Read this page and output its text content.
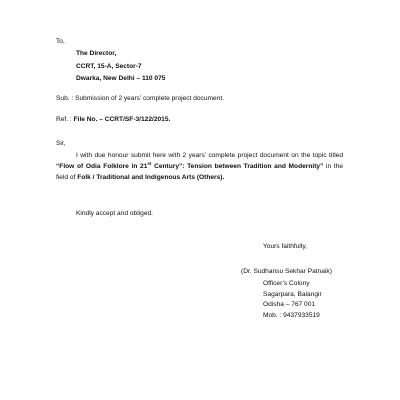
To,
The Director,
CCRT, 15-A, Sector-7
Dwarka, New Delhi – 110 075
Sub. : Submission of 2 years’ complete project document.
Ref. : File No. – CCRT/SF-3/122/2015.
Sir,
I with due honour submit here with 2 years’ complete project document on the topic titled “Flow of Odia Folklore in 21st Century”: Tension between Tradition and Modernity” in the field of Folk / Traditional and Indigenous Arts (Others).
Kindly accept and obliged.
Yours faithfully,
(Dr. Sudhansu Sekhar Patnaik)
Officer’s Colony
Sagarpara, Balangir
Odisha – 767 001
Mob. : 9437933519
